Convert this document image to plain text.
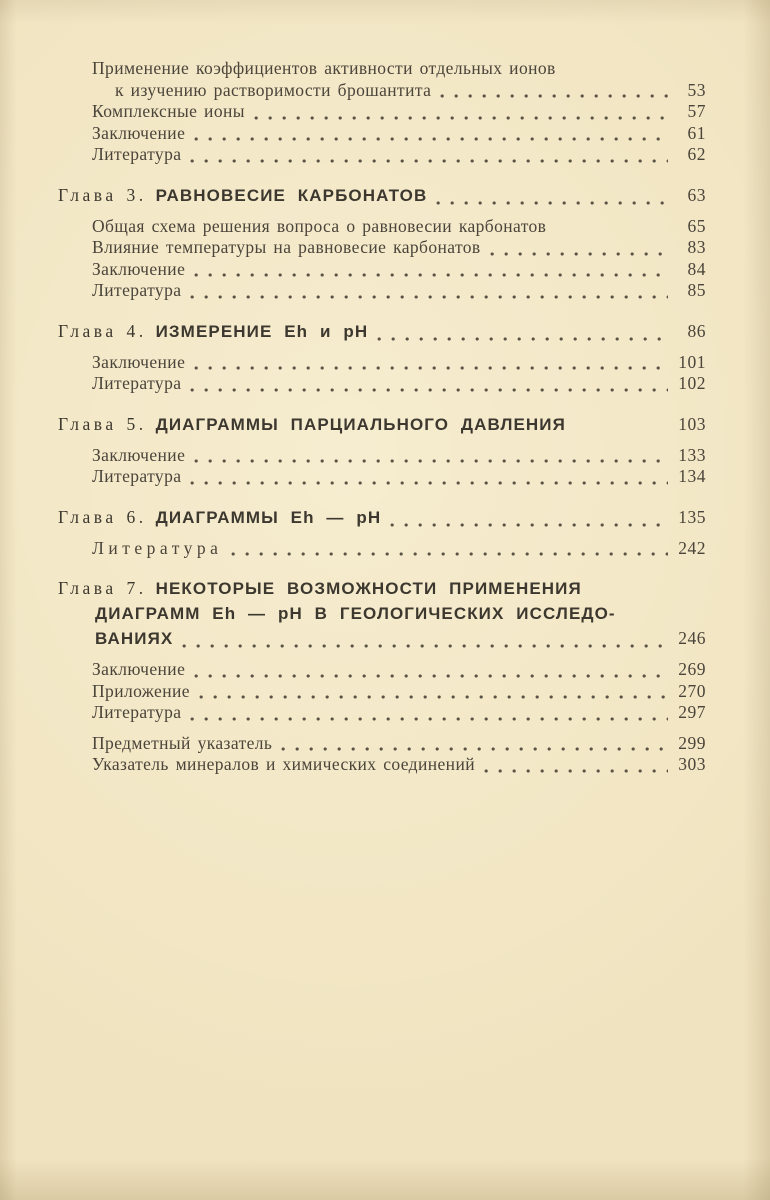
Применение коэффициентов активности отдельных ионов
к изучению растворимости брошантита	53
Комплексные ионы	57
Заключение	61
Литература	62
Глава 3. РАВНОВЕСИЕ КАРБОНАТОВ	63
Общая схема решения вопроса о равновесии карбонатов	65
Влияние температуры на равновесие карбонатов	83
Заключение	84
Литература	85
Глава 4. ИЗМЕРЕНИЕ Eh и pH	86
Заключение	101
Литература	102
Глава 5. ДИАГРАММЫ ПАРЦИАЛЬНОГО ДАВЛЕНИЯ	103
Заключение	133
Литература	134
Глава 6. ДИАГРАММЫ Eh — pH	135
Литература	242
Глава 7. НЕКОТОРЫЕ ВОЗМОЖНОСТИ ПРИМЕНЕНИЯ
ДИАГРАММ Eh — pH В ГЕОЛОГИЧЕСКИХ ИССЛЕДО-
ВАНИЯХ	246
Заключение	269
Приложение	270
Литература	297
Предметный указатель	299
Указатель минералов и химических соединений	303
